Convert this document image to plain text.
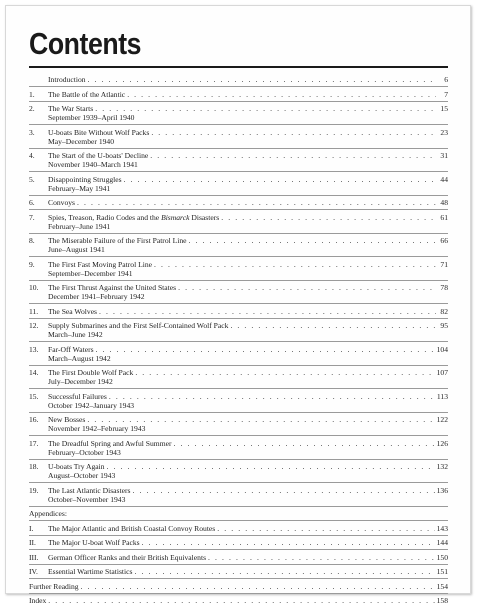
Contents
Introduction . . .	6
1.	The Battle of the Atlantic . . .	7
2.	The War Starts . . .	15
September 1939–April 1940
3.	U-boats Bite Without Wolf Packs . . .	23
May–December 1940
4.	The Start of the U-boats' Decline . . .	31
November 1940–March 1941
5.	Disappointing Struggles . . .	44
February–May 1941
6.	Convoys . . .	48
7.	Spies, Treason, Radio Codes and the Bismarck Disasters . . .	61
February–June 1941
8.	The Miserable Failure of the First Patrol Line . . .	66
June–August 1941
9.	The First Fast Moving Patrol Line . . .	71
September–December 1941
10.	The First Thrust Against the United States . . .	78
December 1941–February 1942
11.	The Sea Wolves . . .	82
12.	Supply Submarines and the First Self-Contained Wolf Pack . . .	95
March–June 1942
13.	Far-Off Waters . . .	104
March–August 1942
14.	The First Double Wolf Pack . . .	107
July–December 1942
15.	Successful Failures . . .	113
October 1942–January 1943
16.	New Bosses . . .	122
November 1942–February 1943
17.	The Dreadful Spring and Awful Summer . . .	126
February–October 1943
18.	U-boats Try Again . . .	132
August–October 1943
19.	The Last Atlantic Disasters . . .	136
October–November 1943
Appendices:
I.	The Major Atlantic and British Coastal Convoy Routes . . .	143
II.	The Major U-boat Wolf Packs . . .	144
III.	German Officer Ranks and their British Equivalents . . .	150
IV.	Essential Wartime Statistics . . .	151
Further Reading . . .	154
Index . . .	158
